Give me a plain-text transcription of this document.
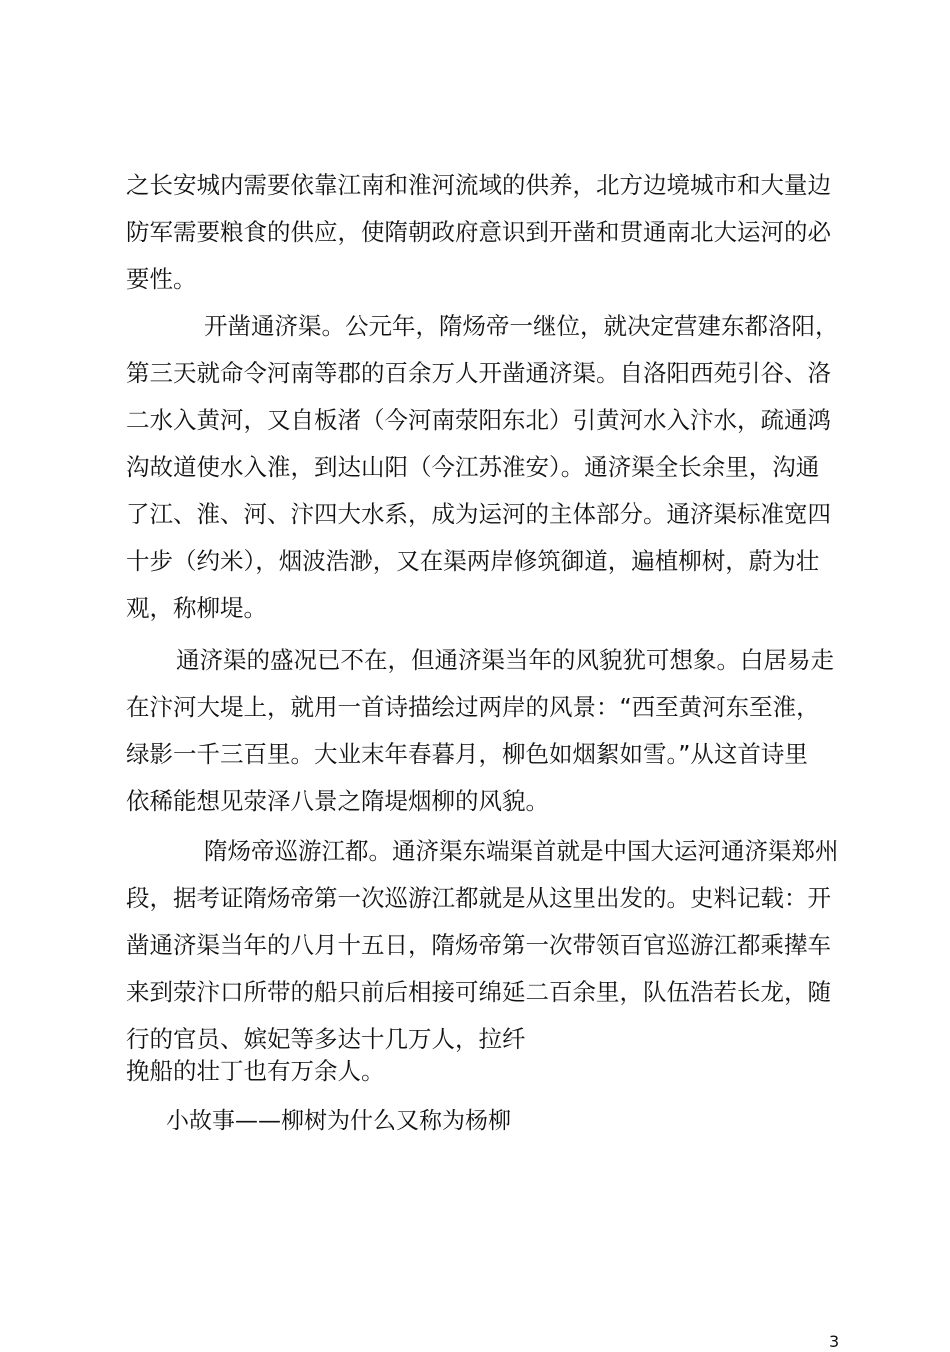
之长安城内需要依靠江南和淮河流域的供养，北方边境城市和大量边
防军需要粮食的供应，使隋朝政府意识到开凿和贯通南北大运河的必
要性。
开凿通济渠。公元年，隋炀帝一继位，就决定营建东都洛阳，
第三天就命令河南等郡的百余万人开凿通济渠。自洛阳西苑引谷、洛
二水入黄河，又自板渚（今河南荥阳东北）引黄河水入汴水，疏通鸿
沟故道使水入淮，到达山阳（今江苏淮安）。通济渠全长余里，沟通
了江、淮、河、汴四大水系，成为运河的主体部分。通济渠标准宽四
十步（约米），烟波浩渺，又在渠两岸修筑御道，遍植柳树，蔚为壮
观，称柳堤。
通济渠的盛况已不在，但通济渠当年的风貌犹可想象。白居易走
在汴河大堤上，就用一首诗描绘过两岸的风景：“西至黄河东至淮，
绿影一千三百里。大业末年春暮月，柳色如烟絮如雪。”从这首诗里
依稀能想见荥泽八景之隋堤烟柳的风貌。
隋炀帝巡游江都。通济渠东端渠首就是中国大运河通济渠郑州
段，据考证隋炀帝第一次巡游江都就是从这里出发的。史料记载：开
凿通济渠当年的八月十五日，隋炀帝第一次带领百官巡游江都乘撵车
来到荥汴口所带的船只前后相接可绵延二百余里，队伍浩若长龙，随
行的官员、嫔妃等多达十几万人，拉纤
挽船的壮丁也有万余人。
小故事——柳树为什么又称为杨柳
3
